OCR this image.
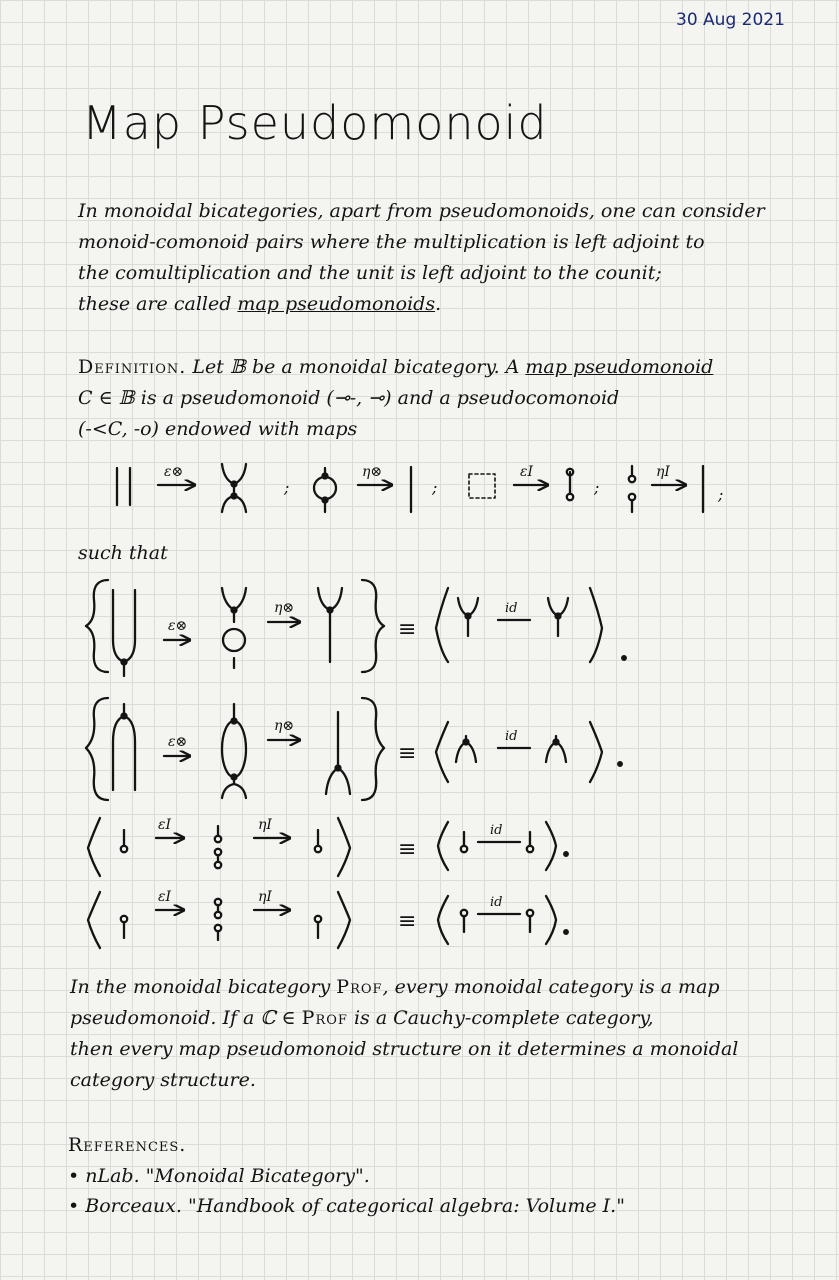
30 Aug 2021
Map Pseudomonoid

In monoidal bicategories, apart from pseudomonoids, one can consider

monoid-comonoid pairs where the multiplication is left adjoint to

the comultiplication and the unit is left adjoint to the counit;

these are called map pseudomonoids.

Definition. Let 𝔹 be a monoidal bicategory. A map pseudomonoid

C ∈ 𝔹 is a pseudomonoid (⊸-, ⊸) and a pseudocomonoid

(-<C, -o) endowed with maps

ε⊗
;
η⊗
;
εI
;
ηI
;
ε⊗
η⊗
≡
id
ε⊗
η⊗
≡
id
εI	ηI
≡
id
εI	ηI
≡
id
such that

In the monoidal bicategory Prof, every monoidal category is a map

pseudomonoid. If a ℂ ∈ Prof is a Cauchy-complete category,

then every map pseudomonoid structure on it determines a monoidal

category structure.

References.

• nLab. "Monoidal Bicategory".
• Borceaux. "Handbook of categorical algebra: Volume I."
